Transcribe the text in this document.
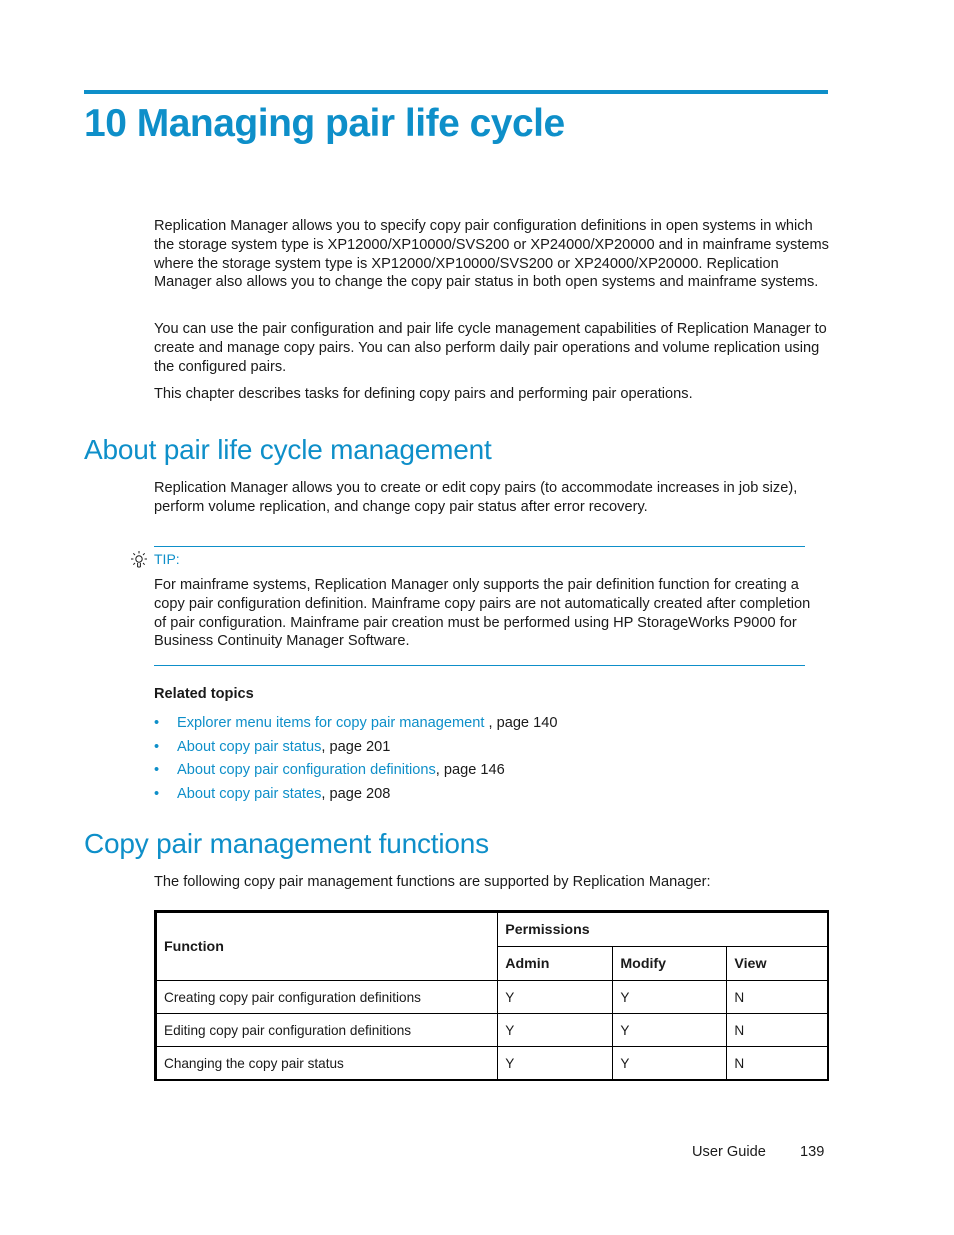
10 Managing pair life cycle

Replication Manager allows you to specify copy pair configuration definitions in open systems in which the storage system type is XP12000/XP10000/SVS200 or XP24000/XP20000 and in mainframe systems where the storage system type is XP12000/XP10000/SVS200 or XP24000/XP20000. Replication Manager also allows you to change the copy pair status in both open systems and mainframe systems.

You can use the pair configuration and pair life cycle management capabilities of Replication Manager to create and manage copy pairs. You can also perform daily pair operations and volume replication using the configured pairs.

This chapter describes tasks for defining copy pairs and performing pair operations.

About pair life cycle management

Replication Manager allows you to create or edit copy pairs (to accommodate increases in job size), perform volume replication, and change copy pair status after error recovery.

TIP:

For mainframe systems, Replication Manager only supports the pair definition function for creating a copy pair configuration definition. Mainframe copy pairs are not automatically created after completion of pair configuration. Mainframe pair creation must be performed using HP StorageWorks P9000 for Business Continuity Manager Software.

Related topics
• Explorer menu items for copy pair management , page 140
• About copy pair status, page 201
• About copy pair configuration definitions, page 146
• About copy pair states, page 208
Copy pair management functions

The following copy pair management functions are supported by Replication Manager:

Function	Permissions		
	Admin	Modify	View
Creating copy pair configuration definitions	Y	Y	N
Editing copy pair configuration definitions	Y	Y	N
Changing the copy pair status	Y	Y	N
User Guide 139
